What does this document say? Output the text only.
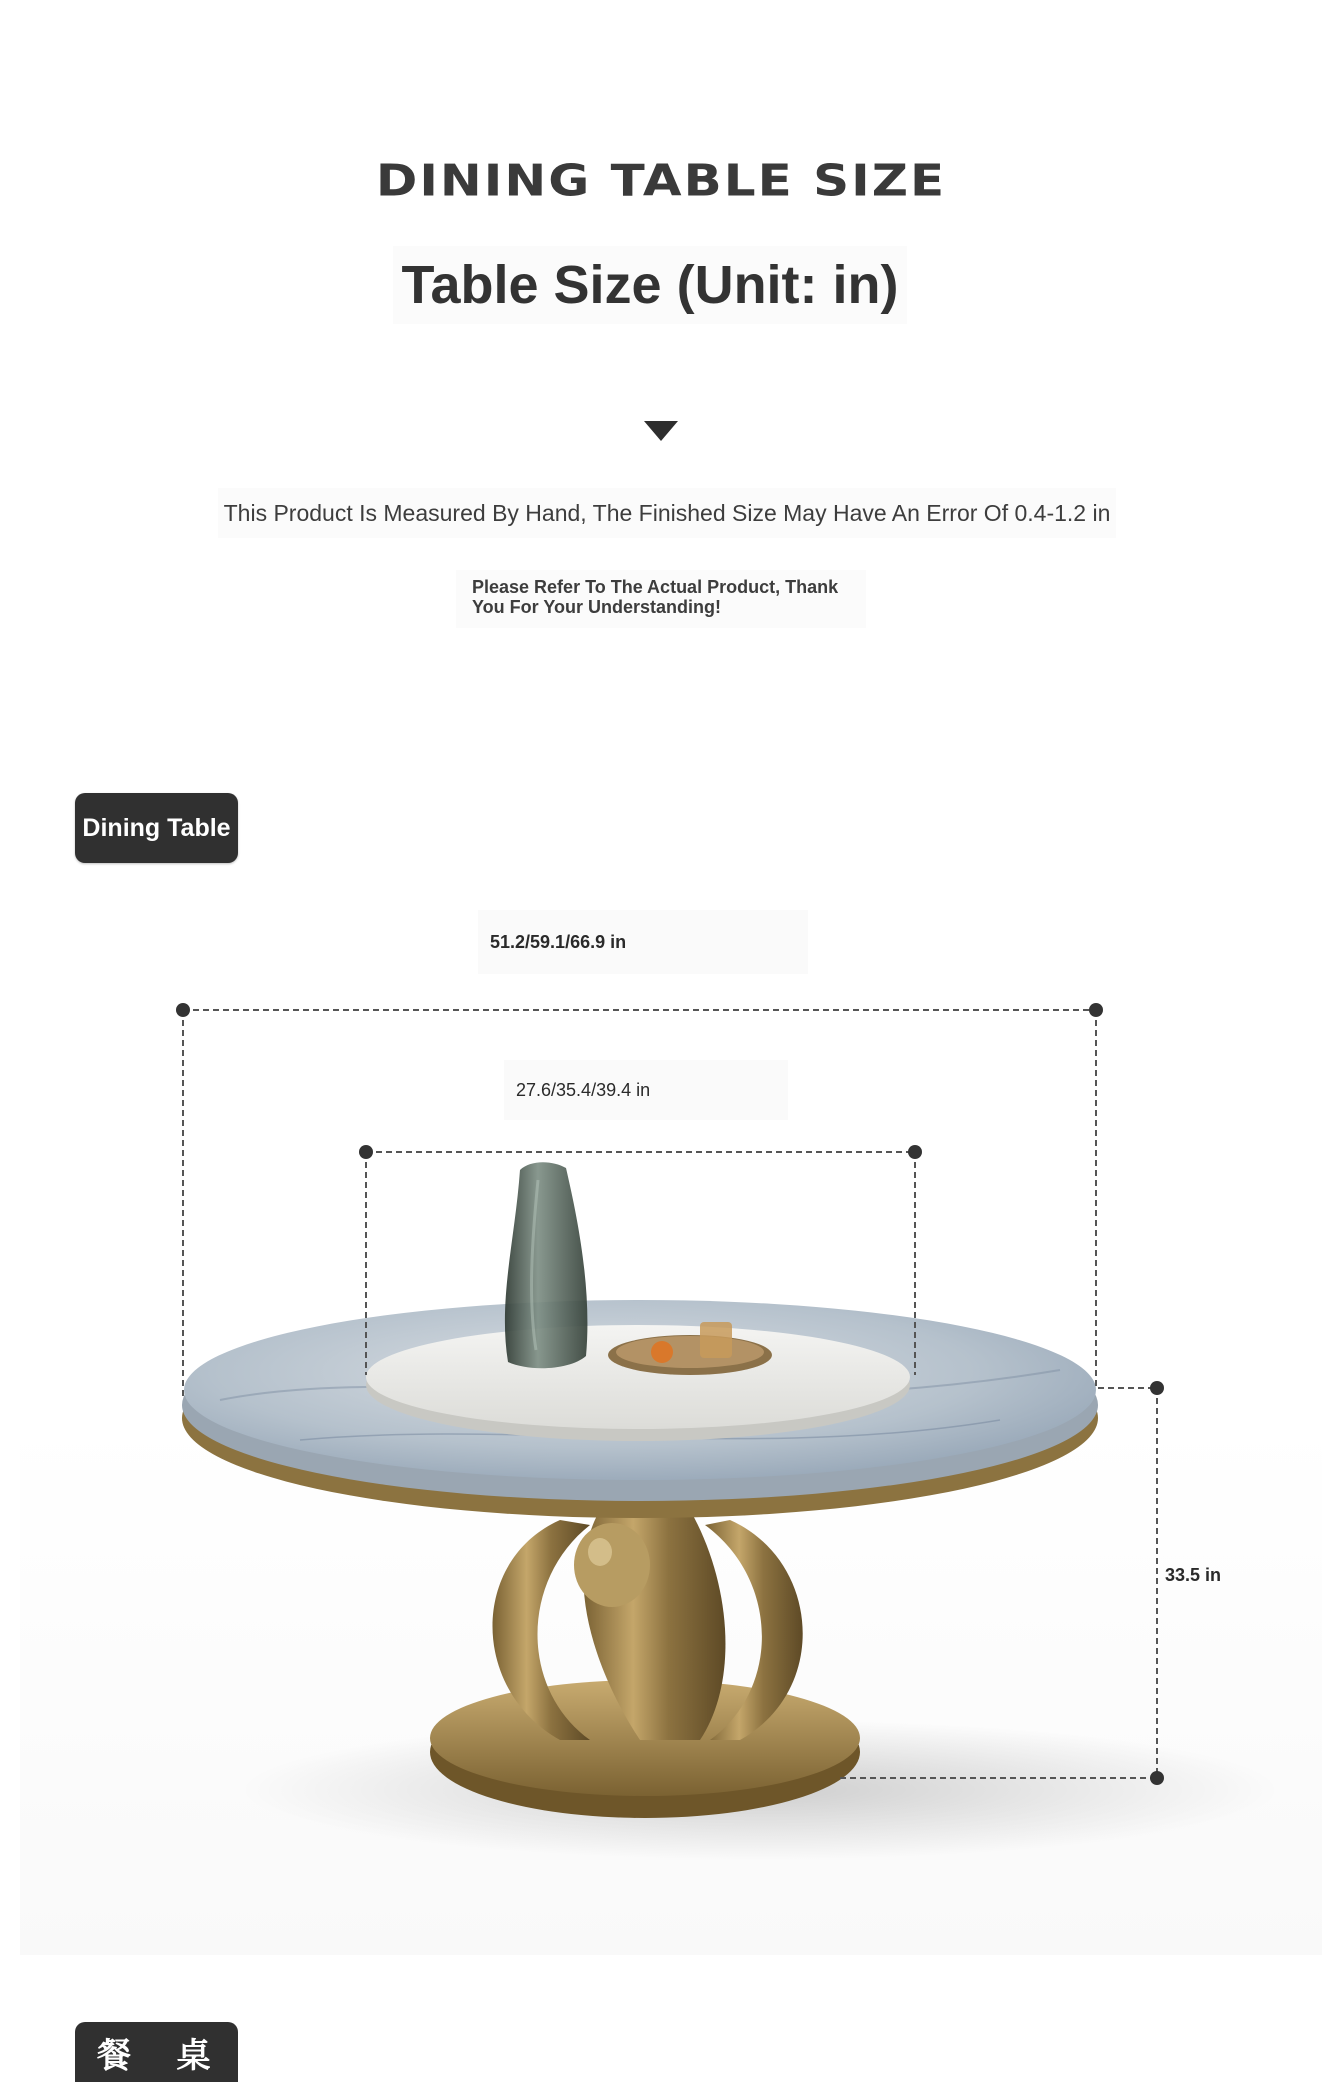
DINING TABLE SIZE
Table Size (Unit: in)
This Product Is Measured By Hand, The Finished Size May Have An Error Of 0.4-1.2 in
Please Refer To The Actual Product, Thank
You For Your Understanding!
Dining Table
51.2/59.1/66.9 in
27.6/35.4/39.4 in
33.5 in
餐 桌
